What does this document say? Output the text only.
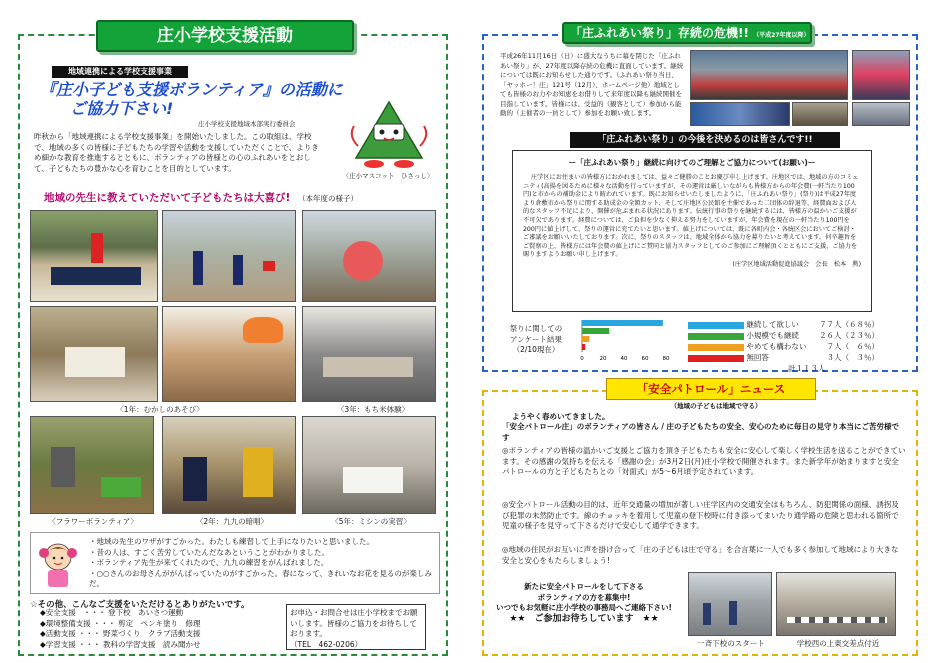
庄小学校支援活動
地域連携による学校支援事業
『庄小子ども支援ボランティア』の活動に
ご協力下さい!
庄小学校支援地域本部実行委員会
昨秋から「地域連携による学校支援事業」を開始いたしました。この取組は、学校で、地域の多くの皆様に子どもたちの学習や活動を支援していただくことで、よりきめ細かな教育を推進するとともに、ボランティアの皆様との心のふれあいをとおして、子どもたちの豊かな心を育むことを目的としています。
〈庄小マスコット　ひさっし〉
地域の先生に教えていただいて子どもたちは大喜び! （本年度の様子）
〈1年：むかしのあそび〉	〈3年：もち米体験〉
〈フラワーボランティア〉	〈2年：九九の暗唱〉	〈5年：ミシンの実習〉
・地域の先生のワザがすごかった。わたしも練習して上手になりたいと思いました。
・昔の人は、すごく苦労していたんだなあということがわかりました。
・ボランティア先生が来てくれたので、九九の練習をがんばれました。
・○○さんのお母さんががんばっていたのがすごかった。春になって、きれいなお花を見るのが楽しみだ。
☆その他、こんなご支援をいただけるとありがたいです。
◆安全支援　・・・ 登下校　あいさつ運動
◆環境整備支援 ・・・ 剪定　ペンキ塗り　修理
◆活動支援 ・・・ 野菜づくり　クラブ活動支援
◆学習支援 ・・・ 教科の学習支援　読み聞かせ
お申込・お問合せは庄小学校までお願いします。皆様のご協力をお待ちしております。
（TEL　462-0206）
「庄ふれあい祭り」存続の危機!! （平成27年度以降）
平成26年11月16日（日）に盛大なうちに幕を閉じた「庄ふれあい祭り」が、27年度以降存続の危機に直面しています。継続については既にお知らせした通りです。（ふれあい祭り当日、「ヤッホー！庄」121号（12月）、ホームページ他）地域としても皆様のお力やお知恵をお借りして来年度以降も継続開催を目指しています。皆様には、受益的（観客として）参加から能動的（主催者の一員として）参加をお願い致します。
「庄ふれあい祭り」の今後を決めるのは皆さんです!!
ー「庄ふれあい祭り」継続に向けてのご理解とご協力について(お願い)ー
庄学区にお住まいの皆様方におかれましては、益々ご健勝のことお慶び申し上げます。庄地区では、地域の方のコミュニティ(高揚を図るために様々な活動を行っていますが、その運営は厳しいながらも皆様方からの年会費(一軒当たり100円)と市からの補助金により賄われています。既にお知らせいたしましたように、「庄ふれあい祭り」(祭り)は平成27年度より倉敷市から祭りに関する助成金の全額カット、そして庄地区公民館を主催であった二団体の辞退等、経費面および人的なスタッフ不足により、開催が危ぶまれる状況にあります。伝統行事の祭りを継続するには、皆様方の温かいご支援が不可欠であります。経費については、ご負担を少なく抑える努力をしていますが、年会費を現在の一軒当たり100円を200円に値上げして、祭りの運営に充てたいと思います。値上げについては、既に各町内会・各統区会においてご検討・ご審議をお願いいたしております。次に、祭りのスタッフは、地域全体から協力を募りたいと考えています。何卒趣旨をご賢察の上、皆様方には年会費の値上げにご賛同と協力スタッフとしてのご参加にご理解頂くとともにご支援、ご協力を賜りますようお願い申し上げます。
(庄学区地域活動促進協議会　会長　松本　勲)
祭りに関しての
アンケート結果
（2/10現在）
0	20	40	60	80
継続して欲しい	７７人 （６８％）
小規模でも継続	２６人 （２３％）
やめても構わない	７人 （　６％）
無回答	３人 （　３％）
計１１３人
「安全パトロール」ニュース
（地域の子どもは地域で守る）
ようやく春めいてきました。
「安全パトロール庄」のボランティアの皆さん / 庄の子どもたちの安全、安心のために毎日の見守り本当にご苦労様です
◎ボランティアの皆様の温かいご支援とご協力を頂き子どもたちも安全に安心して楽しく学校生活を送ることができています。その感謝の気持ちを伝える「感謝の会」が3月2日(月)庄小学校で開催されます。また新学年が始まりますと安全パトロールの方と子どもたちとの「対面式」が5～6月頃予定されています。
◎安全パトロール活動の目的は、近年交通量の増加が著しい庄学区内の交通安全はもちろん、防犯関係の面様、誘拐及び犯罪の未然防止です。線のチョッキを着用して児童の登下校時に付き添ってまいたり通学路の危険と思われる箇所で児童の様子を見守って下さるだけで安心して通学できます。
◎地域の住民がお互いに声を掛け合って「庄の子どもは庄で守る」を合言葉に一人でも多く参加して地域により大きな安全と安心をもたらしましょう!
新たに安全パトロールをして下さる
ボランティアの方を募集中!
いつでもお気軽に庄小学校の事務局へご連絡下さい!
★★　ご参加お待ちしています　★★
一斉下校のスタート	学校西の上東交差点付近
